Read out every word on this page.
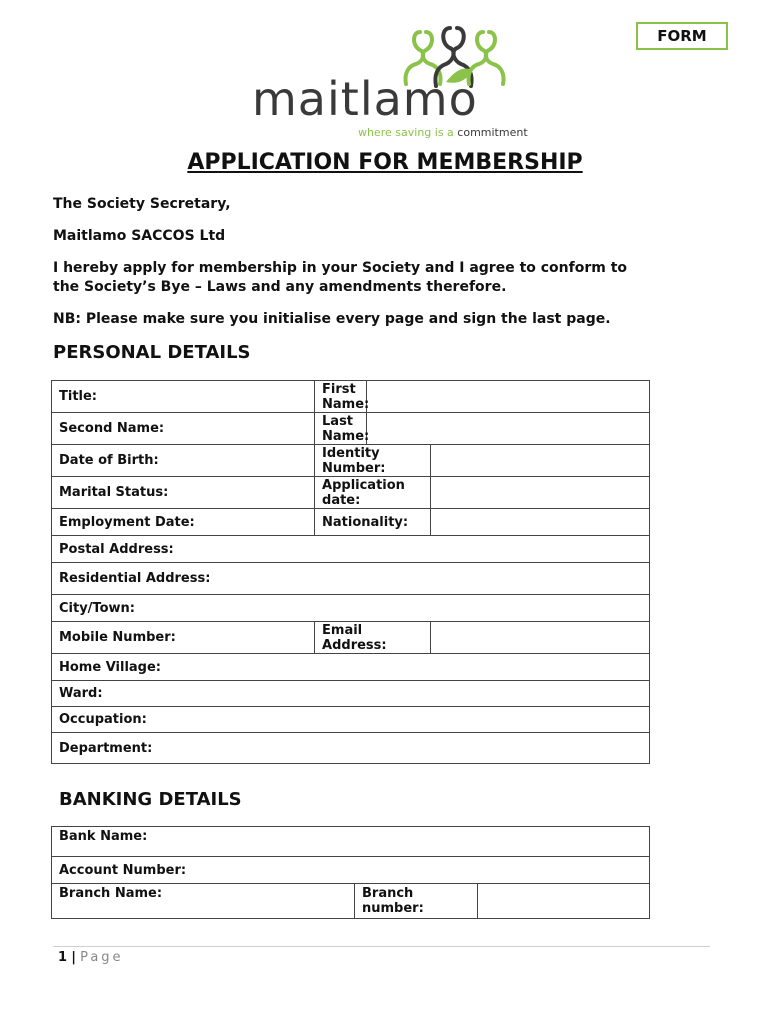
FORM
maitlamo
where saving is a commitment
APPLICATION FOR MEMBERSHIP
The Society Secretary,
Maitlamo SACCOS Ltd
I hereby apply for membership in your Society and I agree to conform to
the Society’s Bye – Laws and any amendments therefore.
NB: Please make sure you initialise every page and sign the last page.
PERSONAL DETAILS
Title:	First Name:		
Second Name:	Last Name:		
Date of Birth:	Identity Number:		
Marital Status:	Application date:		
Employment Date:	Nationality:		
Postal Address:			
Residential Address:			
City/Town:			
Mobile Number:	Email Address:		
Home Village:			
Ward:			
Occupation:			
Department:			
BANKING DETAILS
Bank Name:
Account Number:
Branch Name:	Branch number:	
1 | Page
